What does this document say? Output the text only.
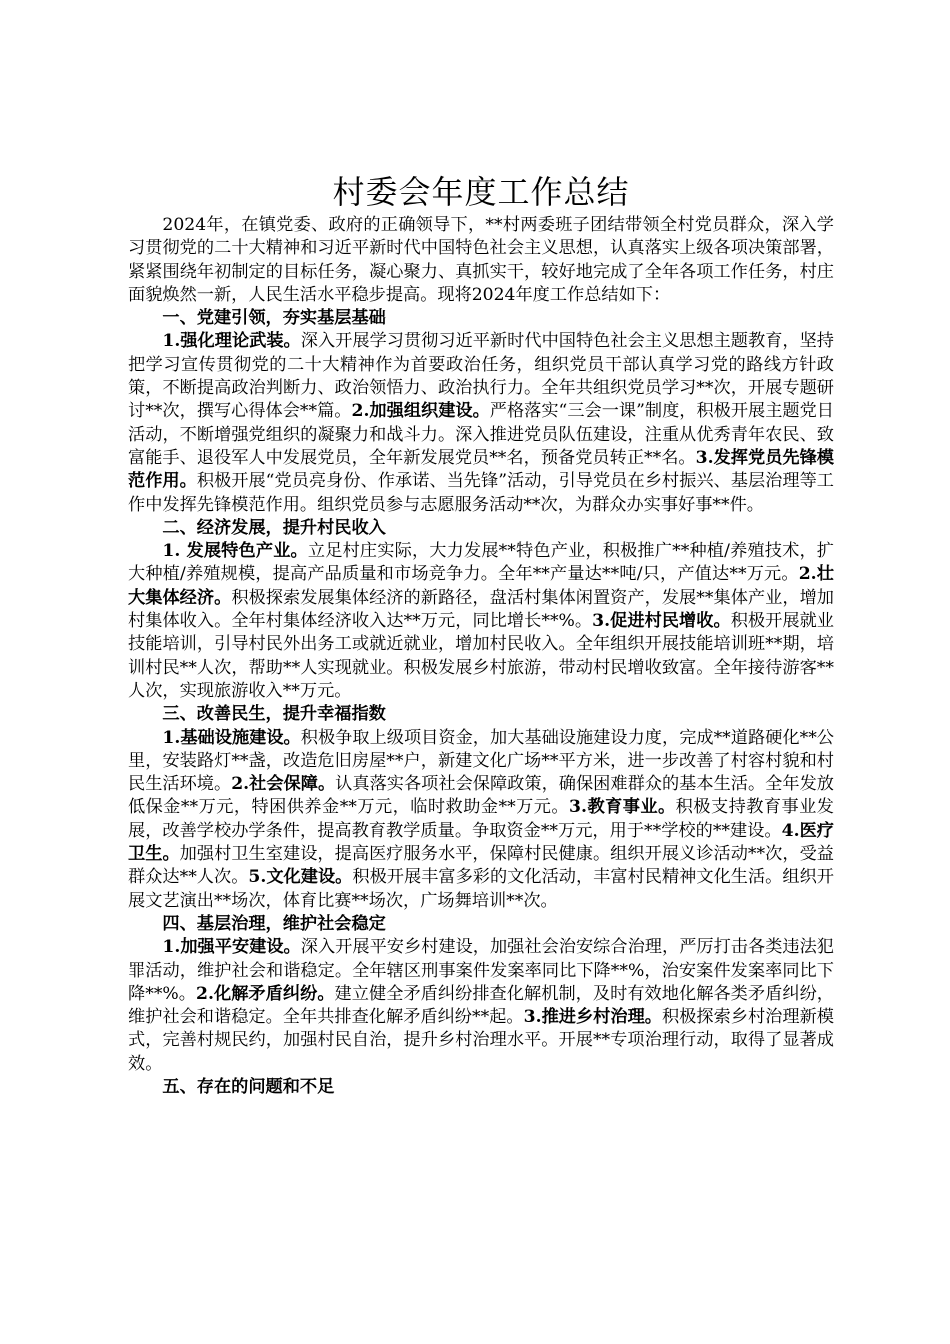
村委会年度工作总结

2024年，在镇党委、政府的正确领导下，**村两委班子团结带领全村党员群众，深入学习贯彻党的二十大精神和习近平新时代中国特色社会主义思想，认真落实上级各项决策部署，紧紧围绕年初制定的目标任务，凝心聚力、真抓实干，较好地完成了全年各项工作任务，村庄面貌焕然一新，人民生活水平稳步提高。现将2024年度工作总结如下：

一、党建引领，夯实基层基础

1.强化理论武装。深入开展学习贯彻习近平新时代中国特色社会主义思想主题教育，坚持把学习宣传贯彻党的二十大精神作为首要政治任务，组织党员干部认真学习党的路线方针政策，不断提高政治判断力、政治领悟力、政治执行力。全年共组织党员学习**次，开展专题研讨**次，撰写心得体会**篇。2.加强组织建设。严格落实“三会一课”制度，积极开展主题党日活动，不断增强党组织的凝聚力和战斗力。深入推进党员队伍建设，注重从优秀青年农民、致富能手、退役军人中发展党员，全年新发展党员**名，预备党员转正**名。3.发挥党员先锋模范作用。积极开展“党员亮身份、作承诺、当先锋”活动，引导党员在乡村振兴、基层治理等工作中发挥先锋模范作用。组织党员参与志愿服务活动**次，为群众办实事好事**件。

二、经济发展，提升村民收入

1. 发展特色产业。立足村庄实际，大力发展**特色产业，积极推广**种植/养殖技术，扩大种植/养殖规模，提高产品质量和市场竞争力。全年**产量达**吨/只，产值达**万元。2.壮大集体经济。积极探索发展集体经济的新路径，盘活村集体闲置资产，发展**集体产业，增加村集体收入。全年村集体经济收入达**万元，同比增长**%。3.促进村民增收。积极开展就业技能培训，引导村民外出务工或就近就业，增加村民收入。全年组织开展技能培训班**期，培训村民**人次，帮助**人实现就业。积极发展乡村旅游，带动村民增收致富。全年接待游客**人次，实现旅游收入**万元。

三、改善民生，提升幸福指数

1.基础设施建设。积极争取上级项目资金，加大基础设施建设力度，完成**道路硬化**公里，安装路灯**盏，改造危旧房屋**户，新建文化广场**平方米，进一步改善了村容村貌和村民生活环境。2.社会保障。认真落实各项社会保障政策，确保困难群众的基本生活。全年发放低保金**万元，特困供养金**万元，临时救助金**万元。3.教育事业。积极支持教育事业发展，改善学校办学条件，提高教育教学质量。争取资金**万元，用于**学校的**建设。4.医疗卫生。加强村卫生室建设，提高医疗服务水平，保障村民健康。组织开展义诊活动**次，受益群众达**人次。5.文化建设。积极开展丰富多彩的文化活动，丰富村民精神文化生活。组织开展文艺演出**场次，体育比赛**场次，广场舞培训**次。

四、基层治理，维护社会稳定

1.加强平安建设。深入开展平安乡村建设，加强社会治安综合治理，严厉打击各类违法犯罪活动，维护社会和谐稳定。全年辖区刑事案件发案率同比下降**%，治安案件发案率同比下降**%。2.化解矛盾纠纷。建立健全矛盾纠纷排查化解机制，及时有效地化解各类矛盾纠纷，维护社会和谐稳定。全年共排查化解矛盾纠纷**起。3.推进乡村治理。积极探索乡村治理新模式，完善村规民约，加强村民自治，提升乡村治理水平。开展**专项治理行动，取得了显著成效。

五、存在的问题和不足
